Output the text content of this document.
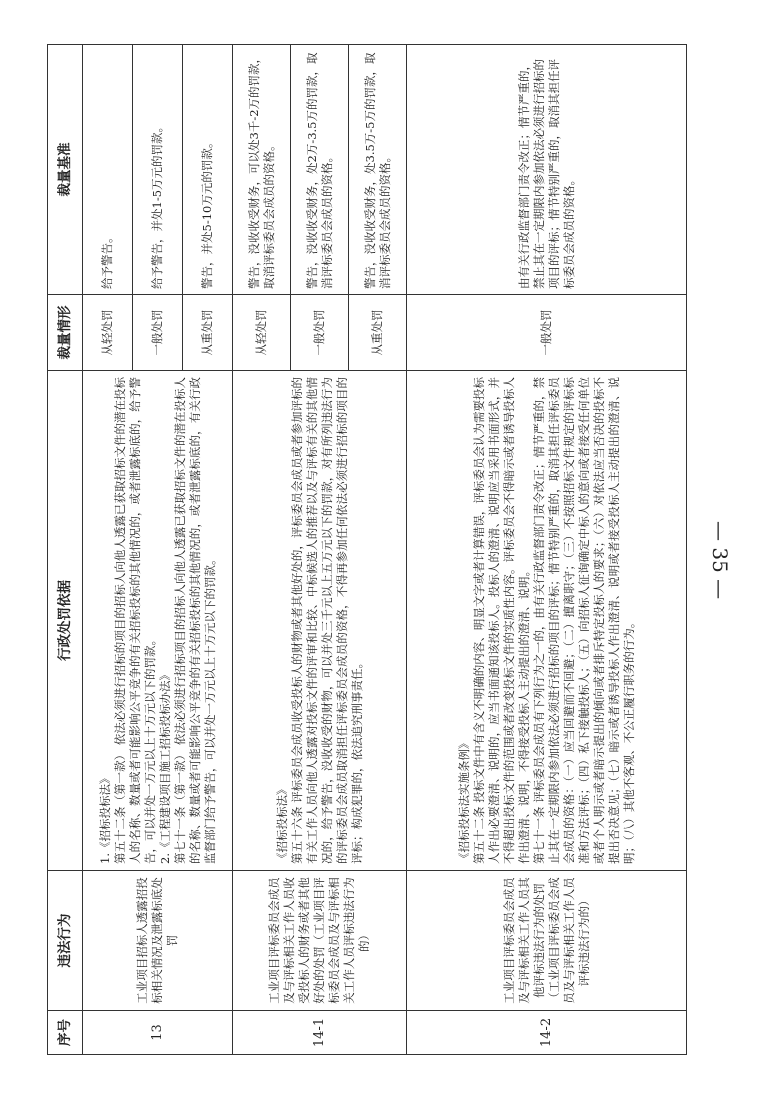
— 35 —
序号	违法行为	行政处罚依据	裁量情形	裁量基准
13	工业项目招标人透露招投标相关情况及泄露标底处罚	1.《招标投标法》 第五十二条（第一款） 依法必须进行招标的项目的招标人向他人透露已获取招标文件的潜在投标人的名称、数量或者可能影响公平竞争的有关招标投标的其他情况的，或者泄露标底的，给予警告，可以并处一万元以上十万元以下的罚款。 2.《工程建设项目施工招标投标办法》 第七十一条（第一款） 依法必须进行招标项目的招标人向他人透露已获取招标文件的潜在投标人的名称、数量或者可能影响公平竞争的有关招标投标的其他情况的，或者泄露标底的，有关行政监督部门给予警告，可以并处一万元以上十万元以下的罚款。	从轻处罚	给予警告。
			一般处罚	给予警告，并处1-5万元的罚款。
			从重处罚	警告，并处5-10万元的罚款。
14-1	工业项目评标委员会成员及与评标相关工作人员收受投标人的财务或者其他好处的处罚（工业项目评标委员会成员及与评标相关工作人员评标违法行为的）	《招标投标法》 第五十六条 评标委员会成员收受投标人的财物或者其他好处的，评标委员会成员或者参加评标的有关工作人员向他人透露对投标文件的评审和比较、中标候选人的推荐以及与评标有关的其他情况的，给予警告，没收收受的财物，可以并处三千元以上五万元以下的罚款，对有所列违法行为的评标委员会成员取消担任评标委员会成员的资格，不得再参加任何依法必须进行招标的项目的评标；构成犯罪的，依法追究刑事责任。	从轻处罚	警告，没收收受财务，可以处3千-2万的罚款，取消评标委员会成员的资格。
			一般处罚	警告，没收收受财务，处2万-3.5万的罚款，取消评标委员会成员的资格。
			从重处罚	警告，没收收受财务，处3.5万-5万的罚款，取消评标委员会成员的资格。
14-2	工业项目评标委员会成员及与评标相关工作人员其他评标违法行为的处罚（工业项目评标委员会成员及与评标相关工作人员评标违法行为的）	《招标投标法实施条例》 第五十二条 投标文件中有含义不明确的内容、明显文字或者计算错误，评标委员会认为需要投标人作出必要澄清、说明的，应当书面通知该投标人。投标人的澄清、说明应当采用书面形式，并不得超出投标文件的范围或者改变投标文件的实质性内容。评标委员会不得暗示或者诱导投标人作出澄清、说明，不得接受投标人主动提出的澄清、说明。 第七十一条 评标委员会成员有下列行为之一的，由有关行政监督部门责令改正；情节严重的，禁止其在一定期限内参加依法必须进行招标的项目的评标；情节特别严重的，取消其担任评标委员会成员的资格：（一）应当回避而不回避；（二）擅离职守；（三）不按照招标文件规定的评标标准和方法评标；（四）私下接触投标人；（五）向招标人征询确定中标人的意向或者接受任何单位或者个人明示或者暗示提出的倾向或者排斥特定投标人的要求；（六）对依法应当否决的投标不提出否决意见；（七）暗示或者诱导投标人作出澄清、说明或者接受投标人主动提出的澄清、说明；（八）其他不客观、不公正履行职务的行为。	一般处罚	由有关行政监督部门责令改正；情节严重的，禁止其在一定期限内参加依法必须进行招标的项目的评标；情节特别严重的，取消其担任评标委员会成员的资格。
